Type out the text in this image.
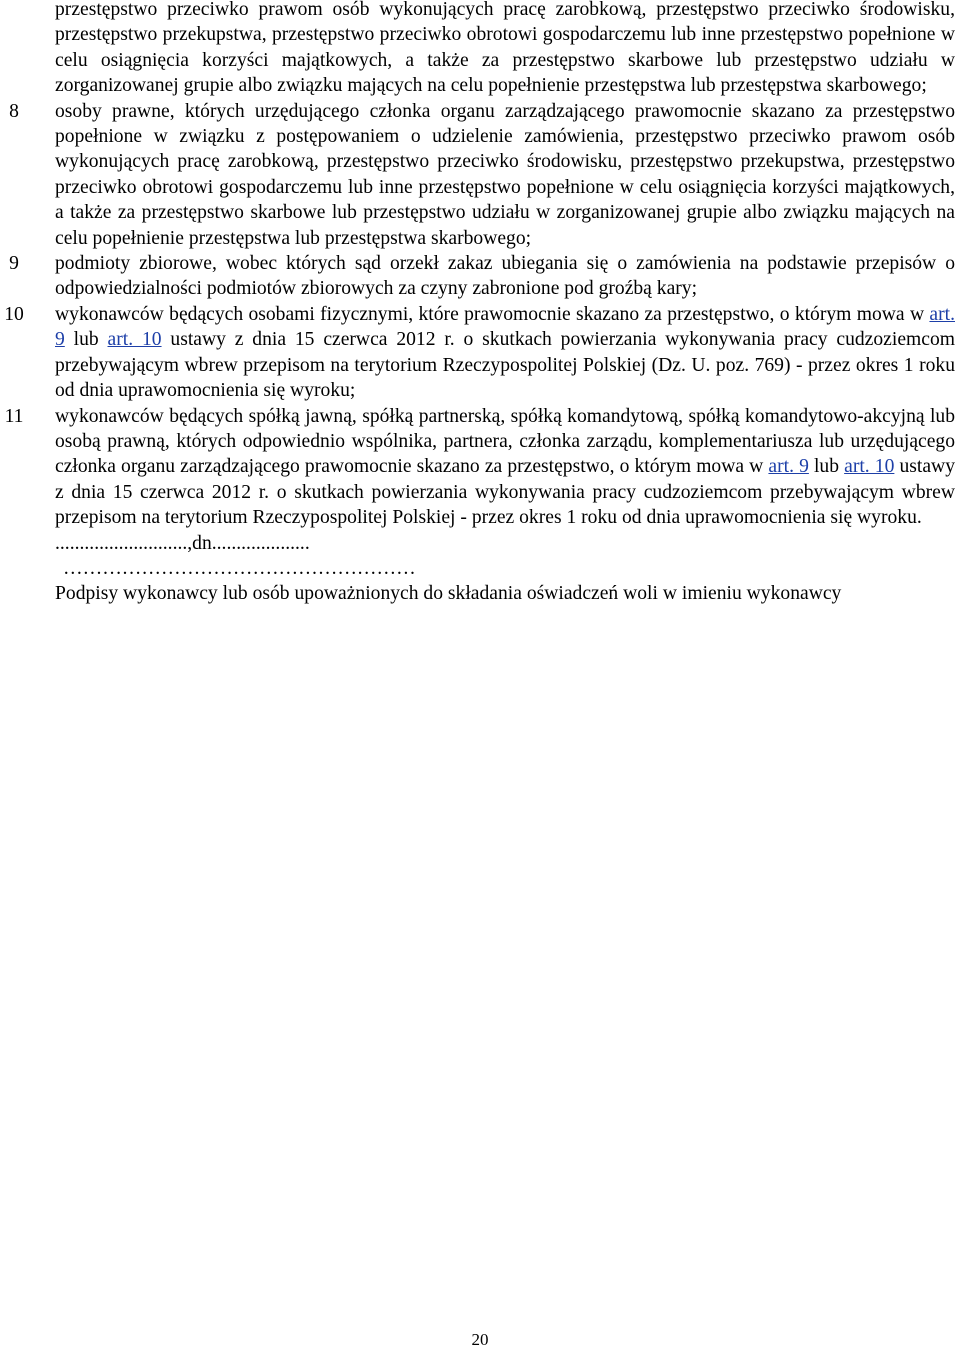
przestępstwo przeciwko prawom osób wykonujących pracę zarobkową, przestępstwo przeciwko środowisku, przestępstwo przekupstwa, przestępstwo przeciwko obrotowi gospodarczemu lub inne przestępstwo popełnione w celu osiągnięcia korzyści majątkowych, a także za przestępstwo skarbowe lub przestępstwo udziału w zorganizowanej grupie albo związku mających na celu popełnienie przestępstwa lub przestępstwa skarbowego;
8	osoby prawne, których urzędującego członka organu zarządzającego prawomocnie skazano za przestępstwo popełnione w związku z postępowaniem o udzielenie zamówienia, przestępstwo przeciwko prawom osób wykonujących pracę zarobkową, przestępstwo przeciwko środowisku, przestępstwo przekupstwa, przestępstwo przeciwko obrotowi gospodarczemu lub inne przestępstwo popełnione w celu osiągnięcia korzyści majątkowych, a także za przestępstwo skarbowe lub przestępstwo udziału w zorganizowanej grupie albo związku mających na celu popełnienie przestępstwa lub przestępstwa skarbowego;
9	podmioty zbiorowe, wobec których sąd orzekł zakaz ubiegania się o zamówienia na podstawie przepisów o odpowiedzialności podmiotów zbiorowych za czyny zabronione pod groźbą kary;
10 wykonawców będących osobami fizycznymi, które prawomocnie skazano za przestępstwo, o którym mowa w art. 9 lub art. 10 ustawy z dnia 15 czerwca 2012 r. o skutkach powierzania wykonywania pracy cudzoziemcom przebywającym wbrew przepisom na terytorium Rzeczypospolitej Polskiej (Dz. U. poz. 769) - przez okres 1 roku od dnia uprawomocnienia się wyroku;
11 wykonawców będących spółką jawną, spółką partnerską, spółką komandytową, spółką komandytowo-akcyjną lub osobą prawną, których odpowiednio wspólnika, partnera, członka zarządu, komplementariusza lub urzędującego członka organu zarządzającego prawomocnie skazano za przestępstwo, o którym mowa w art. 9 lub art. 10 ustawy z dnia 15 czerwca 2012 r. o skutkach powierzania wykonywania pracy cudzoziemcom przebywającym wbrew przepisom na terytorium Rzeczypospolitej Polskiej - przez okres 1 roku od dnia uprawomocnienia się wyroku.
...........................,dn....................
………………………………………………
Podpisy wykonawcy lub osób upoważnionych do składania oświadczeń woli w imieniu wykonawcy
20
